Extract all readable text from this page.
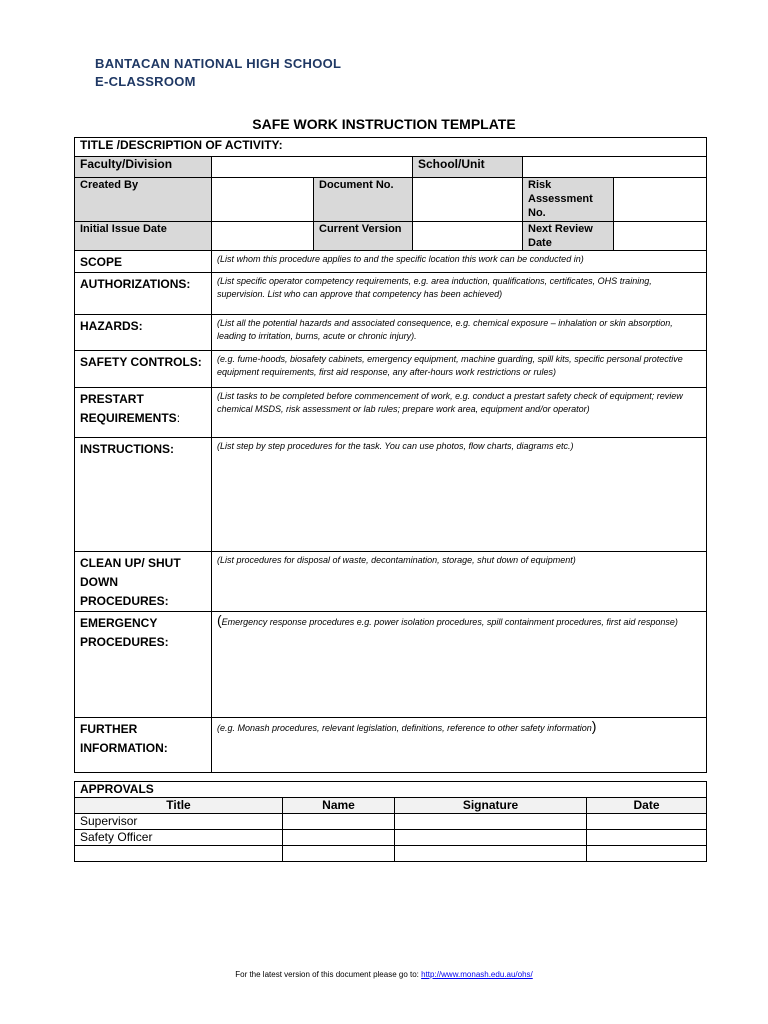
BANTACAN NATIONAL HIGH SCHOOL
E-CLASSROOM
SAFE WORK INSTRUCTION TEMPLATE
TITLE /DESCRIPTION OF ACTIVITY:					
Faculty/Division			School/Unit		
Created By		Document No.		Risk Assessment No.	
Initial Issue Date		Current Version		Next Review Date	
SCOPE	(List whom this procedure applies to and the specific location this work can be conducted in)				
AUTHORIZATIONS:	(List specific operator competency requirements, e.g. area induction, qualifications, certificates, OHS training, supervision. List who can approve that competency has been achieved)				
HAZARDS:	(List all the potential hazards and associated consequence, e.g. chemical exposure – inhalation or skin absorption, leading to irritation, burns, acute or chronic injury).				
SAFETY CONTROLS:	(e.g. fume-hoods, biosafety cabinets, emergency equipment, machine guarding, spill kits, specific personal protective equipment requirements, first aid response, any after-hours work restrictions or rules)				

PRESTART
REQUIREMENTS:	(List tasks to be completed before commencement of work, e.g. conduct a prestart safety check of equipment; review chemical MSDS, risk assessment or lab rules; prepare work area, equipment and/or operator)				
INSTRUCTIONS:	(List step by step procedures for the task. You can use photos, flow charts, diagrams etc.)				

CLEAN UP/ SHUT
DOWN
PROCEDURES:	(List procedures for disposal of waste, decontamination, storage, shut down of equipment)				

EMERGENCY
PROCEDURES:	(Emergency response procedures e.g. power isolation procedures, spill containment procedures, first aid response)				

FURTHER
INFORMATION:	(e.g. Monash procedures, relevant legislation, definitions, reference to other safety information)				
APPROVALS			
Title	Name	Signature	Date
Supervisor			
Safety Officer			

For the latest version of this document please go to: http://www.monash.edu.au/ohs/
